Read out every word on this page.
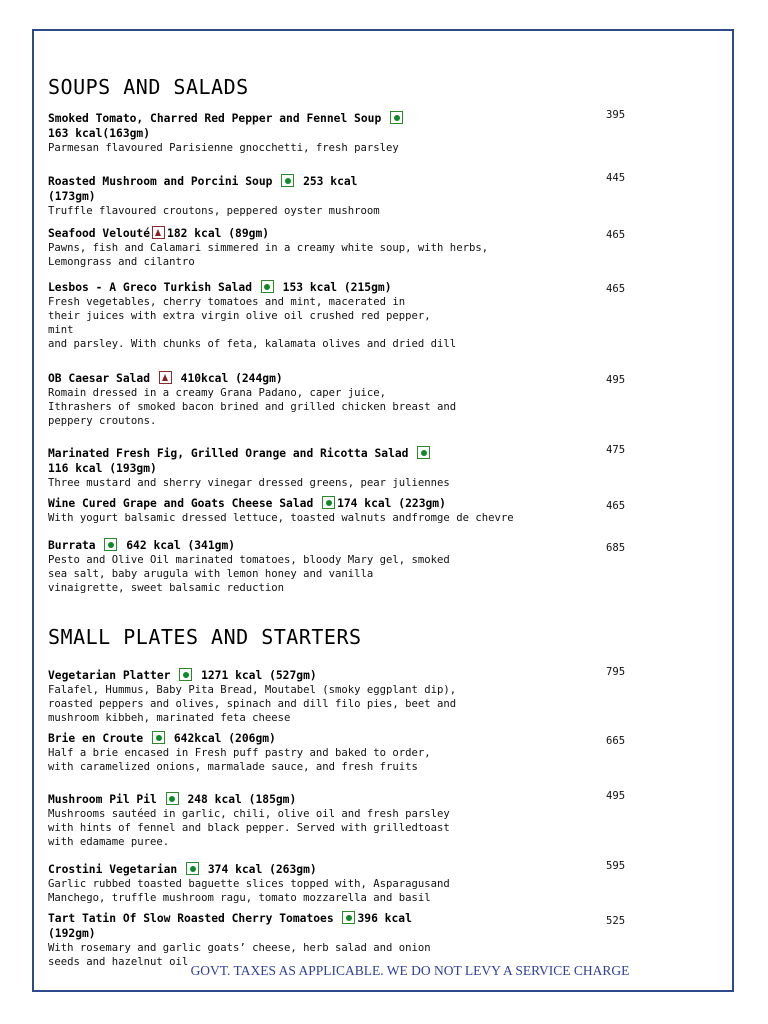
SOUPS AND SALADS
SMALL PLATES AND STARTERS
Smoked Tomato, Charred Red Pepper and Fennel Soup
163 kcal(163gm)
Parmesan flavoured Parisienne gnocchetti, fresh parsley
395
Roasted Mushroom and Porcini Soup	253 kcal
(173gm)
Truffle flavoured croutons, peppered oyster mushroom
445
Seafood Velouté 182 kcal (89gm)
Pawns, fish and Calamari simmered in a creamy white soup, with herbs,
Lemongrass and cilantro
465
Lesbos - A Greco Turkish Salad	153 kcal (215gm)
Fresh vegetables, cherry tomatoes and mint, macerated in
their juices with extra virgin olive oil crushed red pepper,
mint
and parsley. With chunks of feta, kalamata olives and dried dill
465
OB Caesar Salad	410kcal (244gm)
Romain dressed in a creamy Grana Padano, caper juice,
Ithrashers of smoked bacon brined and grilled chicken breast and
peppery croutons.
495
Marinated Fresh Fig, Grilled Orange and Ricotta Salad
116 kcal (193gm)
Three mustard and sherry vinegar dressed greens, pear juliennes
475
Wine Cured Grape and Goats Cheese Salad 174 kcal (223gm)
With yogurt balsamic dressed lettuce, toasted walnuts andfromge de chevre
465
Burrata	642 kcal (341gm)
Pesto and Olive Oil marinated tomatoes, bloody Mary gel, smoked
sea salt, baby arugula with lemon honey and vanilla
vinaigrette, sweet balsamic reduction
685
Vegetarian Platter	1271 kcal (527gm)
Falafel, Hummus, Baby Pita Bread, Moutabel (smoky eggplant dip),
roasted peppers and olives, spinach and dill filo pies, beet and
mushroom kibbeh, marinated feta cheese
795
Brie en Croute	642kcal (206gm)
Half a brie encased in Fresh puff pastry and baked to order,
with caramelized onions, marmalade sauce, and fresh fruits
665
Mushroom Pil Pil	248 kcal (185gm)
Mushrooms sautéed in garlic, chili, olive oil and fresh parsley
with hints of fennel and black pepper. Served with grilledtoast
with edamame puree.
495
Crostini Vegetarian	374 kcal (263gm)
Garlic rubbed toasted baguette slices topped with, Asparagusand
Manchego, truffle mushroom ragu, tomato mozzarella and basil
595
Tart Tatin Of Slow Roasted Cherry Tomatoes 396 kcal
(192gm)
With rosemary and garlic goats’ cheese, herb salad and onion
seeds and hazelnut oil
525
GOVT. TAXES AS APPLICABLE. WE DO NOT LEVY A SERVICE CHARGE
